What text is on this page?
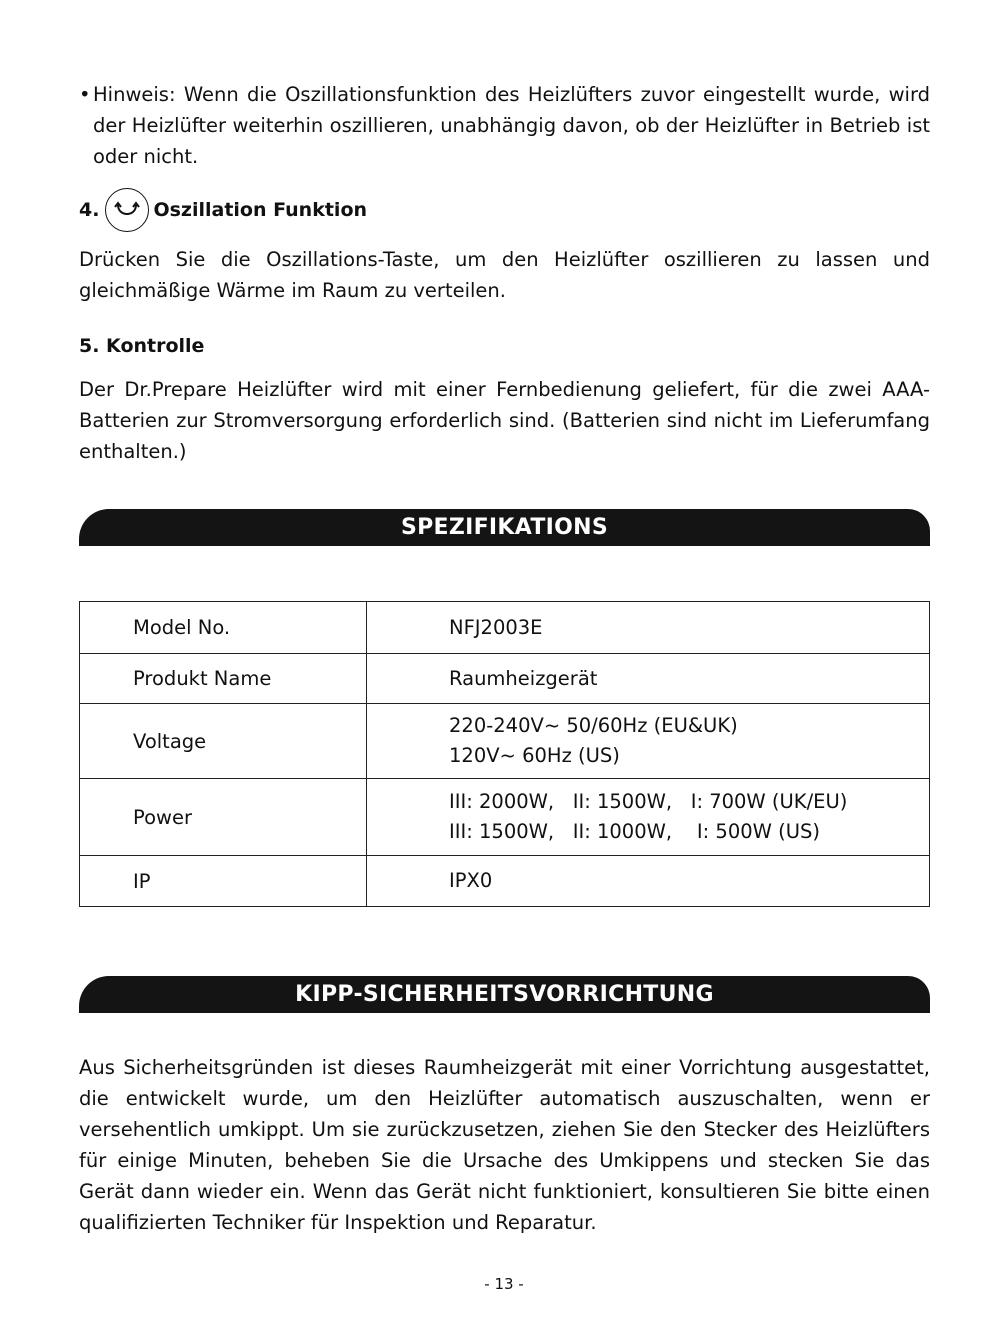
• Hinweis: Wenn die Oszillationsfunktion des Heizlüfters zuvor eingestellt wurde, wird der Heizlüfter weiterhin oszillieren, unabhängig davon, ob der Heizlüfter in Betrieb ist oder nicht.
4.	Oszillation Funktion
Drücken Sie die Oszillations-Taste, um den Heizlüfter oszillieren zu lassen und gleichmäßige Wärme im Raum zu verteilen.
5. Kontrolle
Der Dr.Prepare Heizlüfter wird mit einer Fernbedienung geliefert, für die zwei AAA-Batterien zur Stromversorgung erforderlich sind. (Batterien sind nicht im Lieferumfang enthalten.)
SPEZIFIKATIONS
Model No.	NFJ2003E

Produkt Name	Raumheizgerät

Voltage	220-240V~ 50/60Hz (EU&UK)
120V~ 60Hz (US)

Power	III: 2000W,   II: 1500W,   I: 700W (UK/EU)
III: 1500W,   II: 1000W,    I: 500W (US)

IP	IPX0
KIPP-SICHERHEITSVORRICHTUNG
Aus Sicherheitsgründen ist dieses Raumheizgerät mit einer Vorrichtung ausgestattet, die entwickelt wurde, um den Heizlüfter automatisch auszuschalten, wenn er versehentlich umkippt. Um sie zurückzusetzen, ziehen Sie den Stecker des Heizlüfters für einige Minuten, beheben Sie die Ursache des Umkippens und stecken Sie das Gerät dann wieder ein. Wenn das Gerät nicht funktioniert, konsultieren Sie bitte einen qualifizierten Techniker für Inspektion und Reparatur.
- 13 -
